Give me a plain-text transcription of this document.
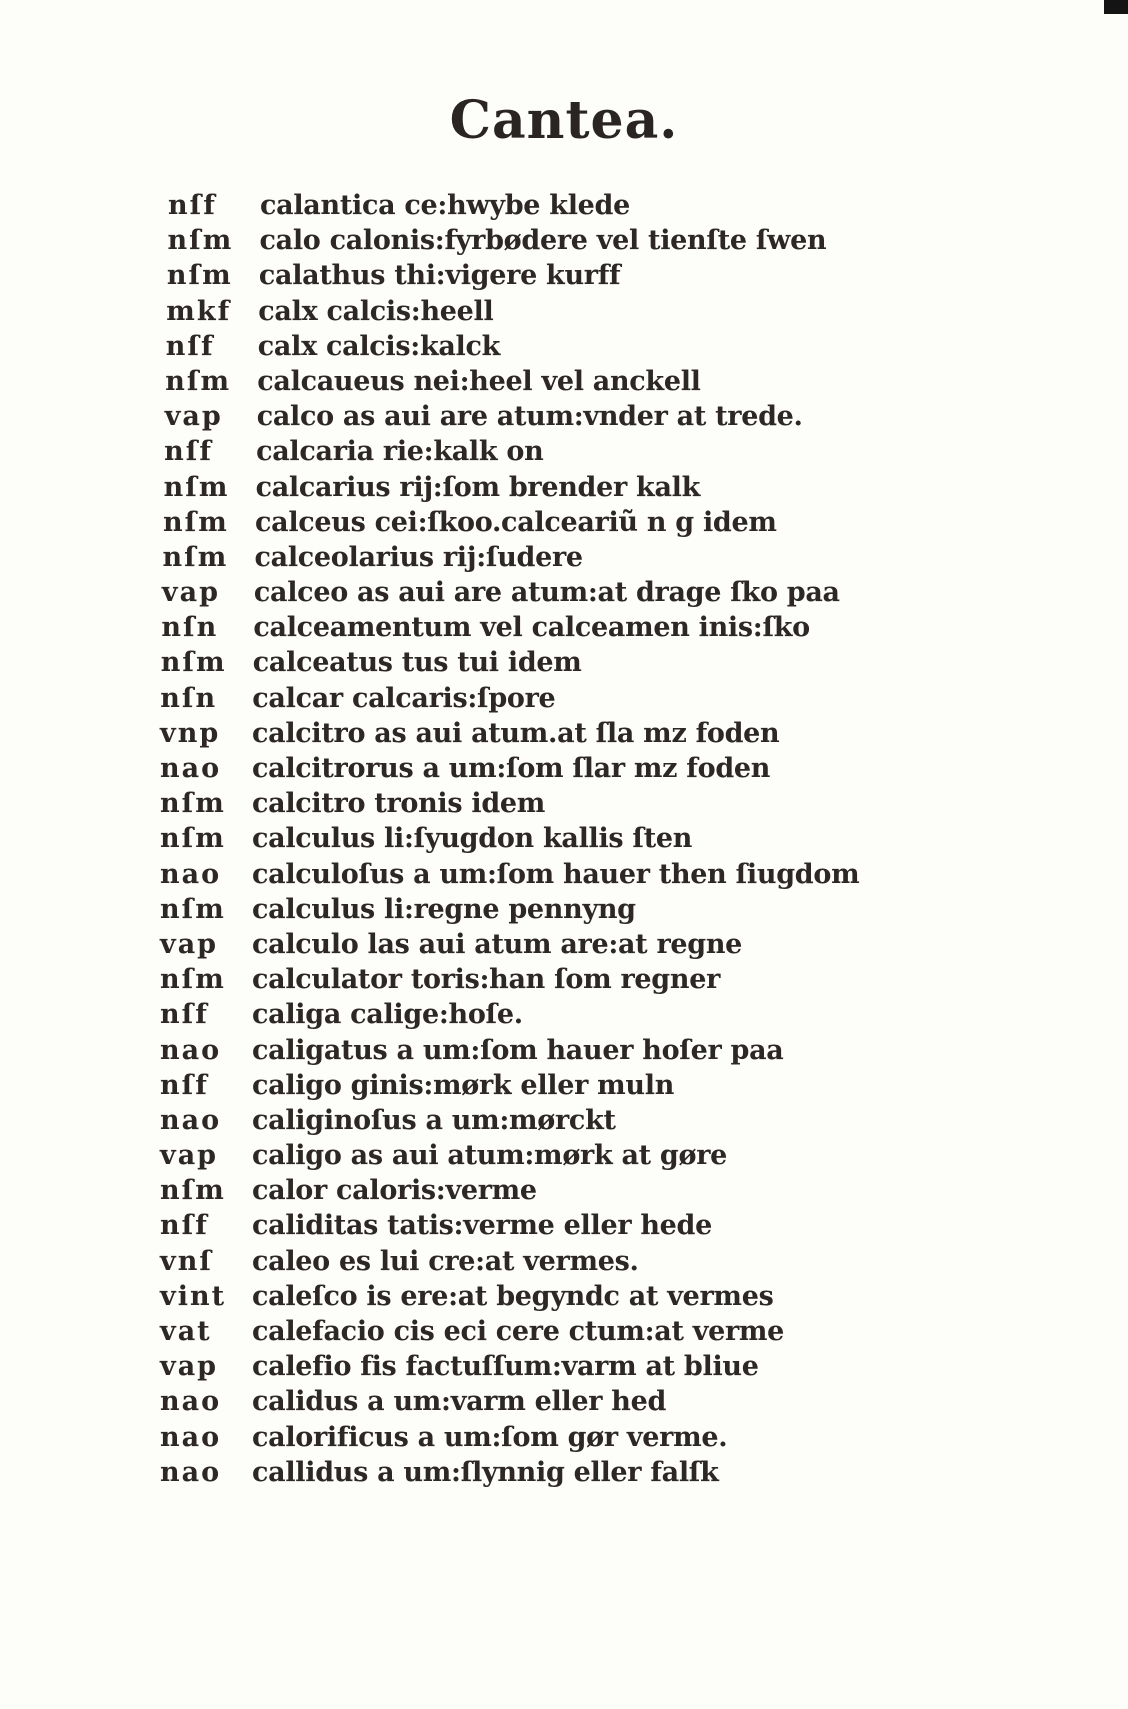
Cantea.
nſf	calantica ce:hwybe klede
nſm calo calonis:fyrbødere vel tienſte ſwen
nſm calathus thi:vigere kurff
mkf	calx calcis:heell
nſf	calx calcis:kalck
nſm calcaueus nei:heel vel anckell
vap	calco as aui are atum:vnder at trede.
nſf	calcaria rie:kalk on
nſm calcarius rij:ſom brender kalk
nſm calceus cei:ſkoo.calceariũ n g idem
nſm calceolarius rij:ſudere
vap	calceo as aui are atum:at drage ſko paa
nſn	calceamentum vel calceamen inis:ſko
nſm calceatus tus tui idem
nſn	calcar calcaris:ſpore
vnp	calcitro as aui atum.at ſla mz foden
nao	calcitrorus a um:ſom ſlar mz foden
nſm calcitro tronis idem
nſm calculus li:ſyugdon kallis ſten
nao	calculoſus a um:ſom hauer then ſiugdom
nſm calculus li:regne pennyng
vap	calculo las aui atum are:at regne
nſm calculator toris:han ſom regner
nſf	caliga calige:hoſe.
nao	caligatus a um:ſom hauer hoſer paa
nſf	caligo ginis:mørk eller muln
nao	caliginoſus a um:mørckt
vap	caligo as aui atum:mørk at gøre
nſm calor caloris:verme
nſf	caliditas tatis:verme eller hede
vnſ	caleo es lui cre:at vermes.
vint caleſco is ere:at begyndc at vermes
vat	calefacio cis eci cere ctum:at verme
vap	calefio fis factuſſum:varm at bliue
nao	calidus a um:varm eller hed
nao	calorificus a um:ſom gør verme.
nao	callidus a um:ſlynnig eller falſk
